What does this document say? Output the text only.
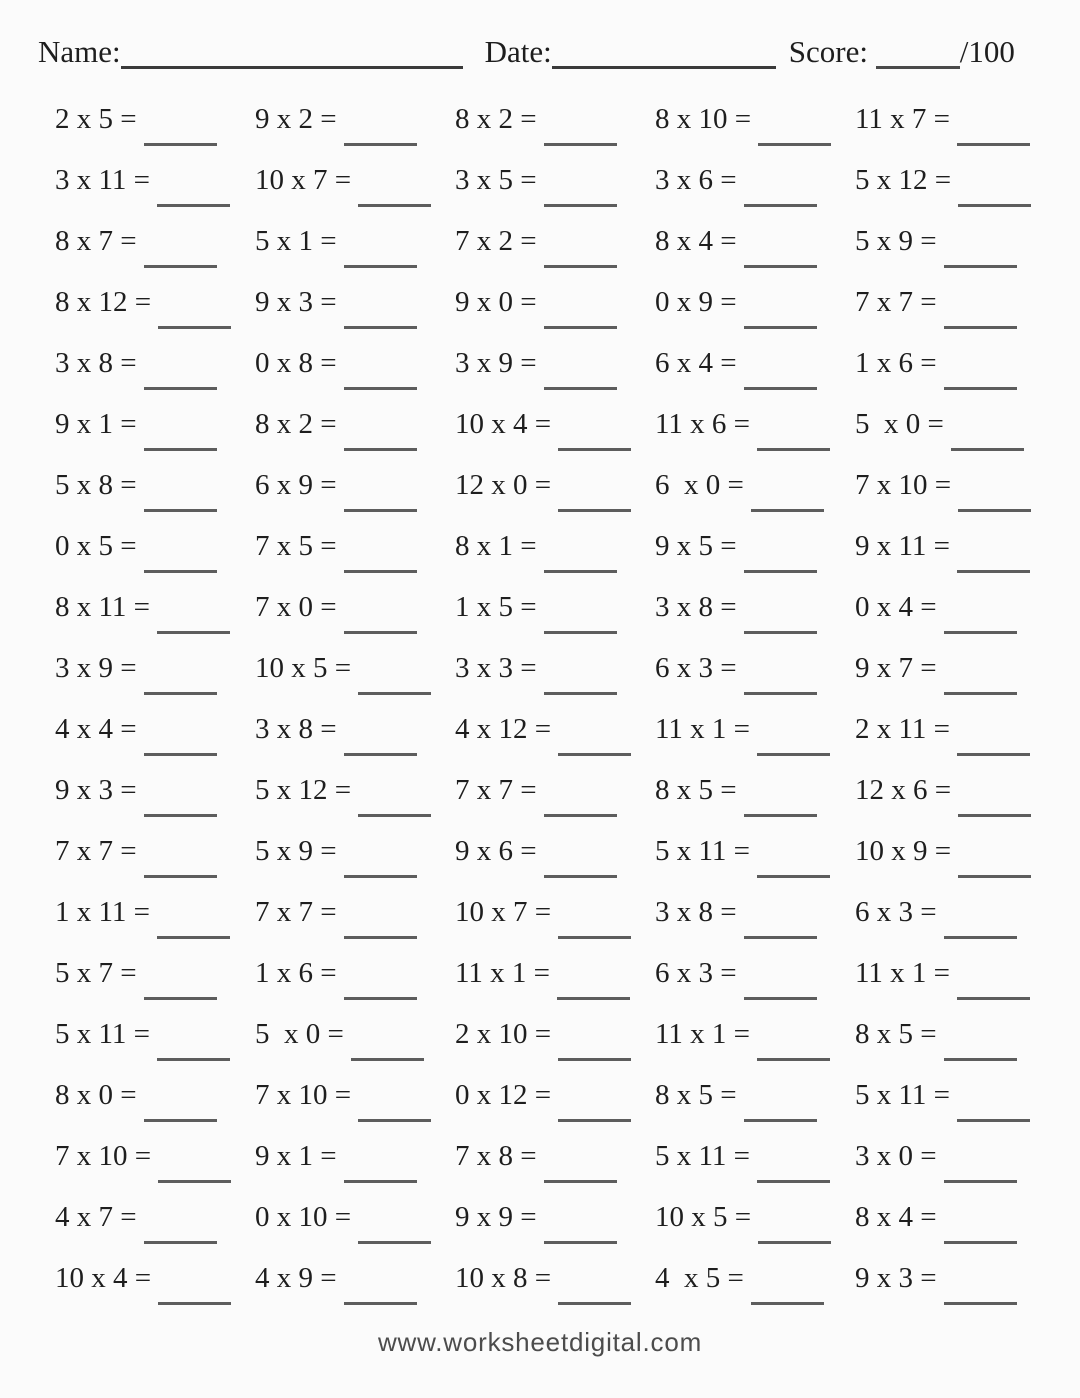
Name:	Date:	Score:	/100
2 x 5 =	9 x 2 =	8 x 2 =	8 x 10 =	11 x 7 =
3 x 11 =	10 x 7 =	3 x 5 =	3 x 6 =	5 x 12 =
8 x 7 =	5 x 1 =	7 x 2 =	8 x 4 =	5 x 9 =
8 x 12 =	9 x 3 =	9 x 0 =	0 x 9 =	7 x 7 =
3 x 8 =	0 x 8 =	3 x 9 =	6 x 4 =	1 x 6 =
9 x 1 =	8 x 2 =	10 x 4 =	11 x 6 =	5  x 0 =
5 x 8 =	6 x 9 =	12 x 0 =	6  x 0 =	7 x 10 =
0 x 5 =	7 x 5 =	8 x 1 =	9 x 5 =	9 x 11 =
8 x 11 =	7 x 0 =	1 x 5 =	3 x 8 =	0 x 4 =
3 x 9 =	10 x 5 =	3 x 3 =	6 x 3 =	9 x 7 =
4 x 4 =	3 x 8 =	4 x 12 =	11 x 1 =	2 x 11 =
9 x 3 =	5 x 12 =	7 x 7 =	8 x 5 =	12 x 6 =
7 x 7 =	5 x 9 =	9 x 6 =	5 x 11 =	10 x 9 =
1 x 11 =	7 x 7 =	10 x 7 =	3 x 8 =	6 x 3 =
5 x 7 =	1 x 6 =	11 x 1 =	6 x 3 =	11 x 1 =
5 x 11 =	5  x 0 =	2 x 10 =	11 x 1 =	8 x 5 =
8 x 0 =	7 x 10 =	0 x 12 =	8 x 5 =	5 x 11 =
7 x 10 =	9 x 1 =	7 x 8 =	5 x 11 =	3 x 0 =
4 x 7 =	0 x 10 =	9 x 9 =	10 x 5 =	8 x 4 =
10 x 4 =	4 x 9 =	10 x 8 =	4  x 5 =	9 x 3 =
www.worksheetdigital.com
